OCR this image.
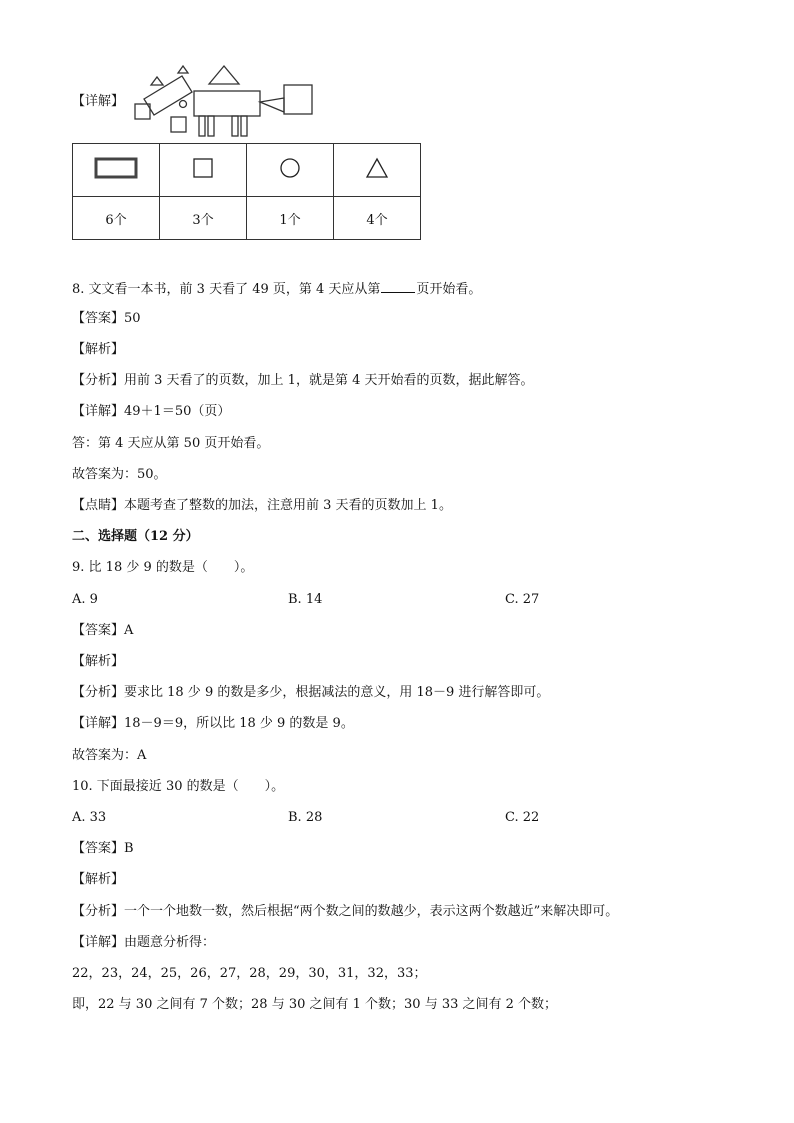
【详解】

6个	3个	1个	4个
8. 文文看一本书，前 3 天看了 49 页，第 4 天应从第	页开始看。
【答案】50
【解析】
【分析】用前 3 天看了的页数，加上 1，就是第 4 天开始看的页数，据此解答。
【详解】49＋1＝50（页）
答：第 4 天应从第 50 页开始看。
故答案为：50。
【点睛】本题考查了整数的加法，注意用前 3 天看的页数加上 1。
二、选择题（12 分）
9. 比 18 少 9 的数是（　　）。
A. 9	B. 14	C. 27
【答案】A
【解析】
【分析】要求比 18 少 9 的数是多少，根据减法的意义，用 18－9 进行解答即可。
【详解】18－9＝9，所以比 18 少 9 的数是 9。
故答案为：A
10. 下面最接近 30 的数是（　　）。
A. 33	B. 28	C. 22
【答案】B
【解析】
【分析】一个一个地数一数，然后根据“两个数之间的数越少，表示这两个数越近”来解决即可。
【详解】由题意分析得：
22，23，24，25，26，27，28，29，30，31，32，33；
即，22 与 30 之间有 7 个数；28 与 30 之间有 1 个数；30 与 33 之间有 2 个数；
